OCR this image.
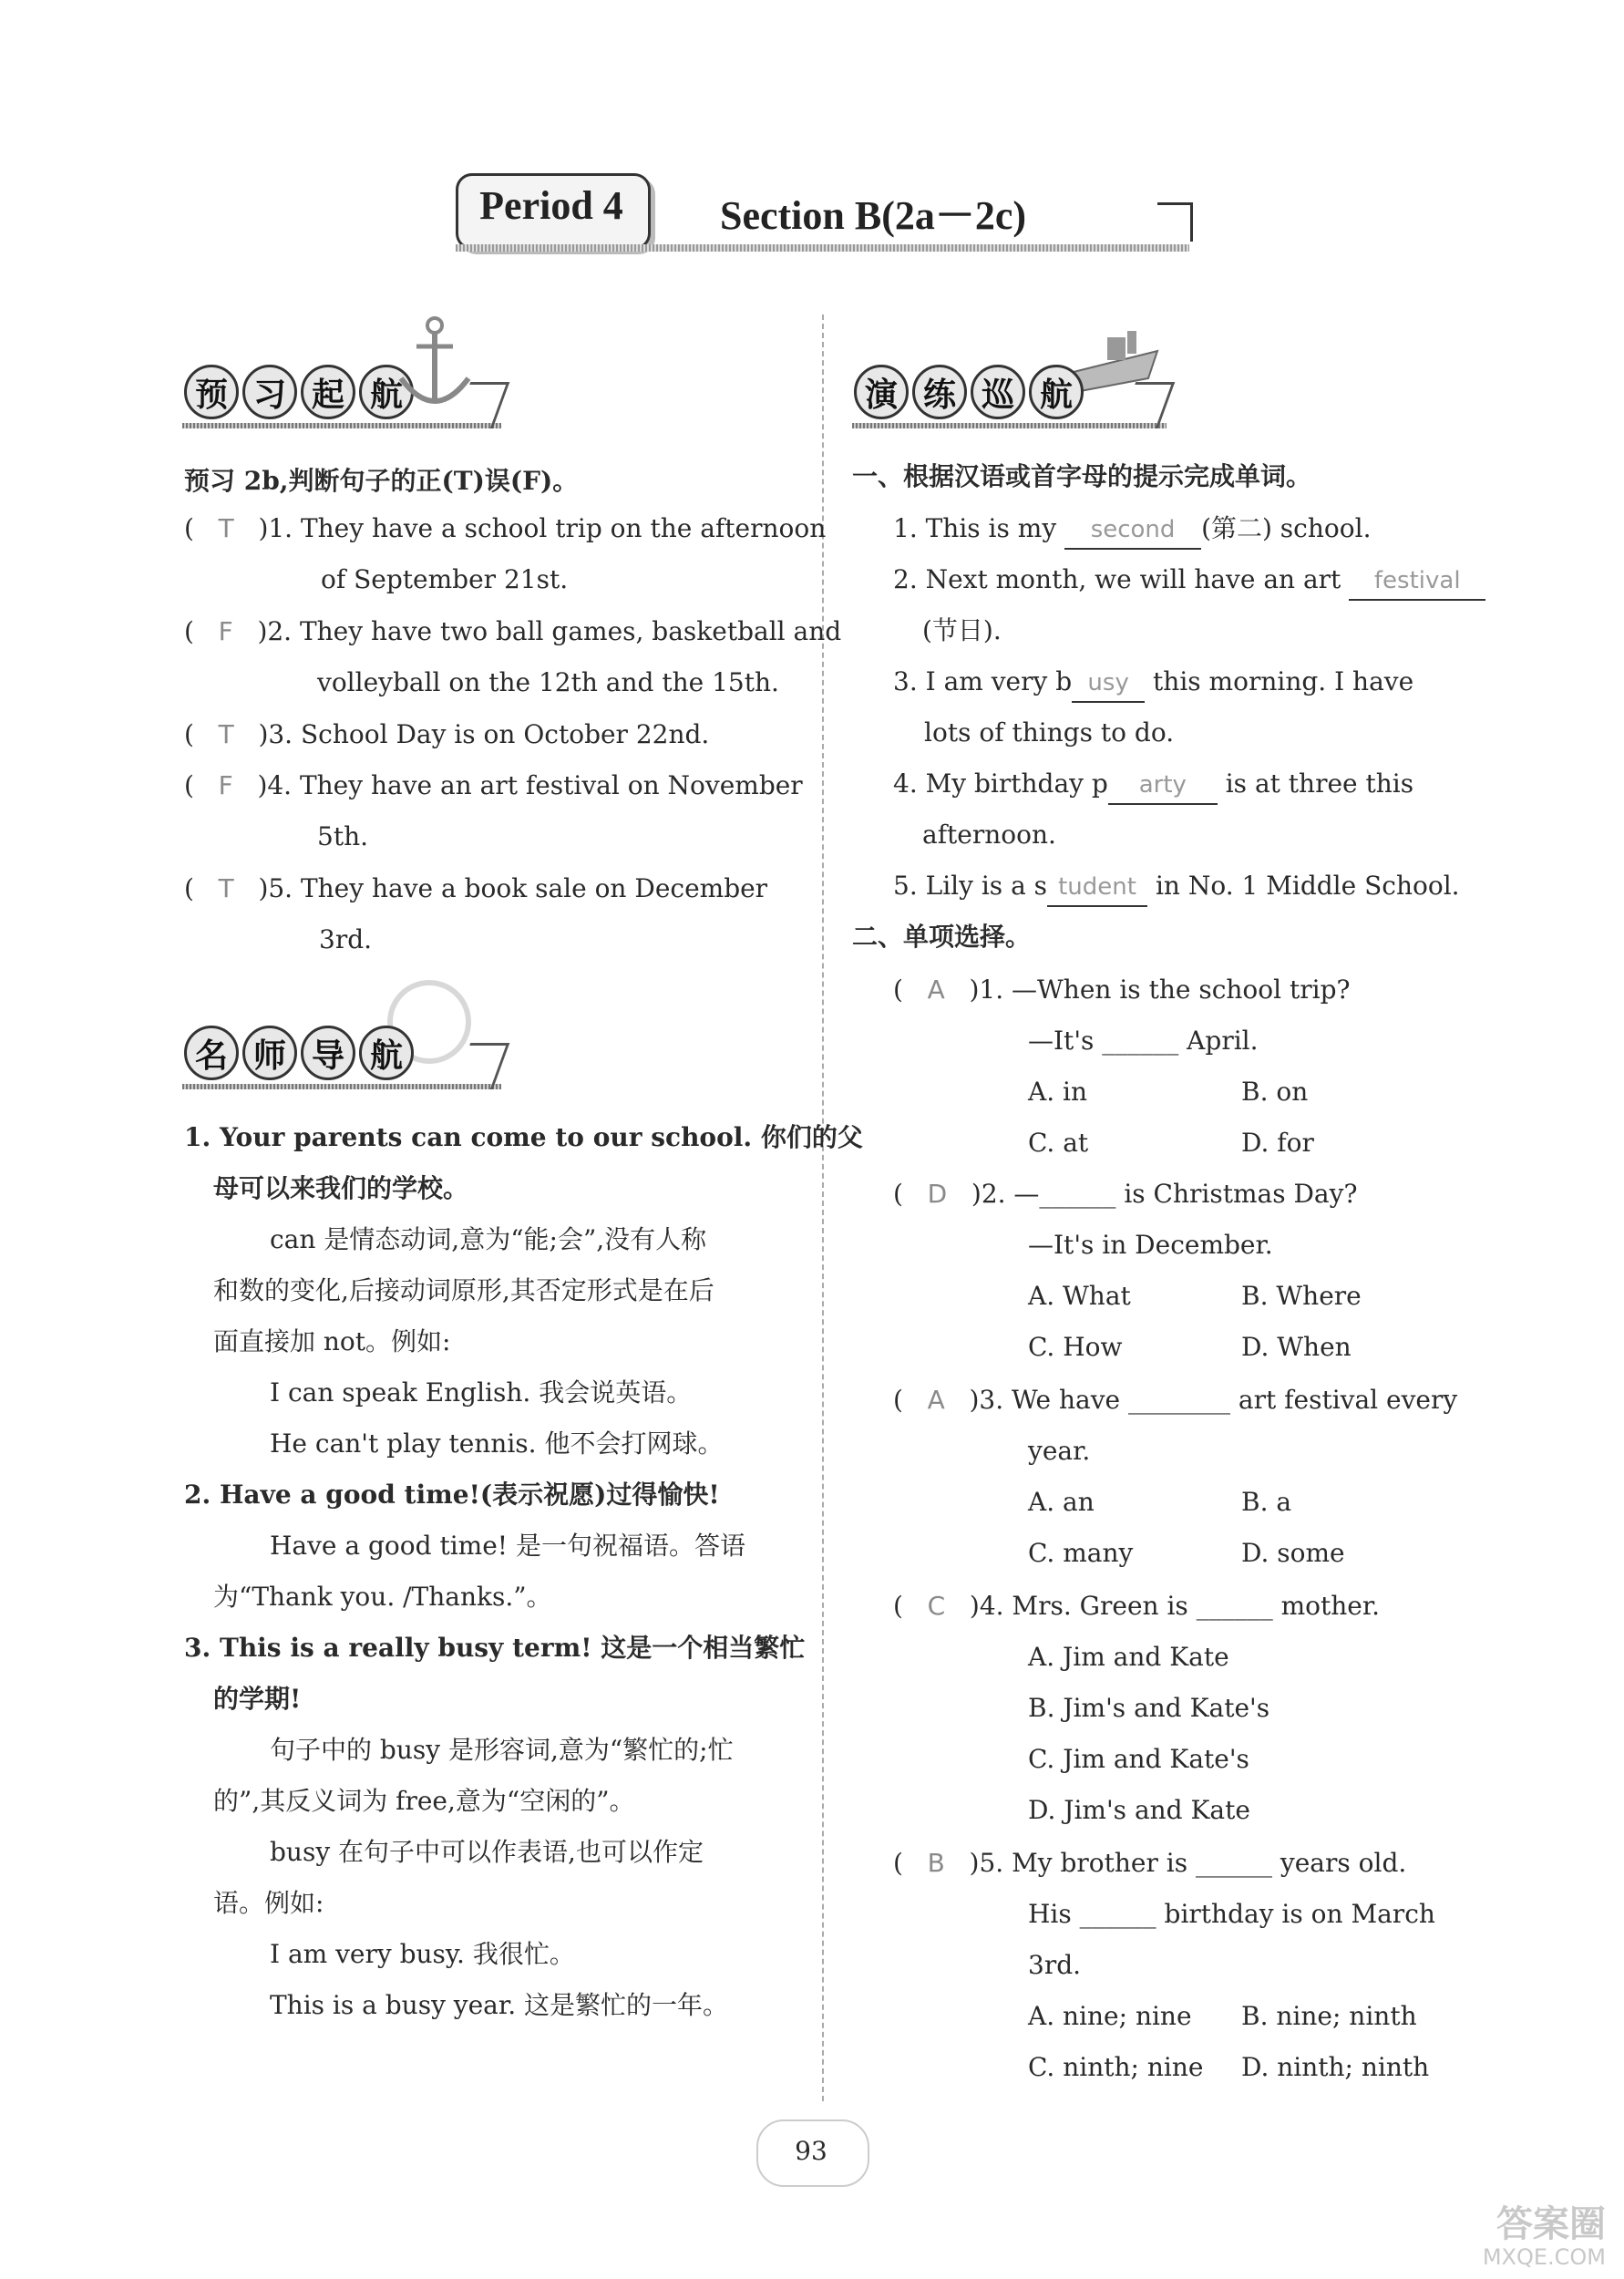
Period 4	Section B(2a－2c)
预 习 起 航
预习 2b,判断句子的正(T)误(F)。
(   T )1. They have a school trip on the afternoon
of September 21st.
(   F )2. They have two ball games, basketball and
volleyball on the 12th and the 15th.
(   T )3. School Day is on October 22nd.
(   F )4. They have an art festival on November
5th.
(   T )5. They have a book sale on December
3rd.
名 师 导 航
1. Your parents can come to our school. 你们的父
母可以来我们的学校。
can 是情态动词,意为“能;会”,没有人称
和数的变化,后接动词原形,其否定形式是在后
面直接加 not。例如:
I can speak English. 我会说英语。
He can't play tennis. 他不会打网球。
2. Have a good time!(表示祝愿)过得愉快!
Have a good time! 是一句祝福语。答语
为“Thank you. /Thanks.”。
3. This is a really busy term! 这是一个相当繁忙
的学期!
句子中的 busy 是形容词,意为“繁忙的;忙
的”,其反义词为 free,意为“空闲的”。
busy 在句子中可以作表语,也可以作定
语。例如:
I am very busy. 我很忙。
This is a busy year. 这是繁忙的一年。
演 练 巡 航
一、根据汉语或首字母的提示完成单词。
1. This is my second (第二) school.
2. Next month, we will have an art festival
(节日).
3. I am very b usy this morning. I have
lots of things to do.
4. My birthday p arty is at three this
afternoon.
5. Lily is a s tudent in No. 1 Middle School.
二、单项选择。
(   A )1. —When is the school trip?
—It's ______ April.
A. in	B. on
C. at	D. for
(   D )2. —______ is Christmas Day?
—It's in December.
A. What	B. Where
C. How	D. When
(   A )3. We have ________ art festival every
year.
A. an	B. a
C. many	D. some
(   C )4. Mrs. Green is ______ mother.
A. Jim and Kate
B. Jim's and Kate's
C. Jim and Kate's
D. Jim's and Kate
(   B )5. My brother is ______ years old.
His ______ birthday is on March
3rd.
A. nine; nine B. nine; ninth
C. ninth; nine D. ninth; ninth
93
答案圈
MXQE.COM
